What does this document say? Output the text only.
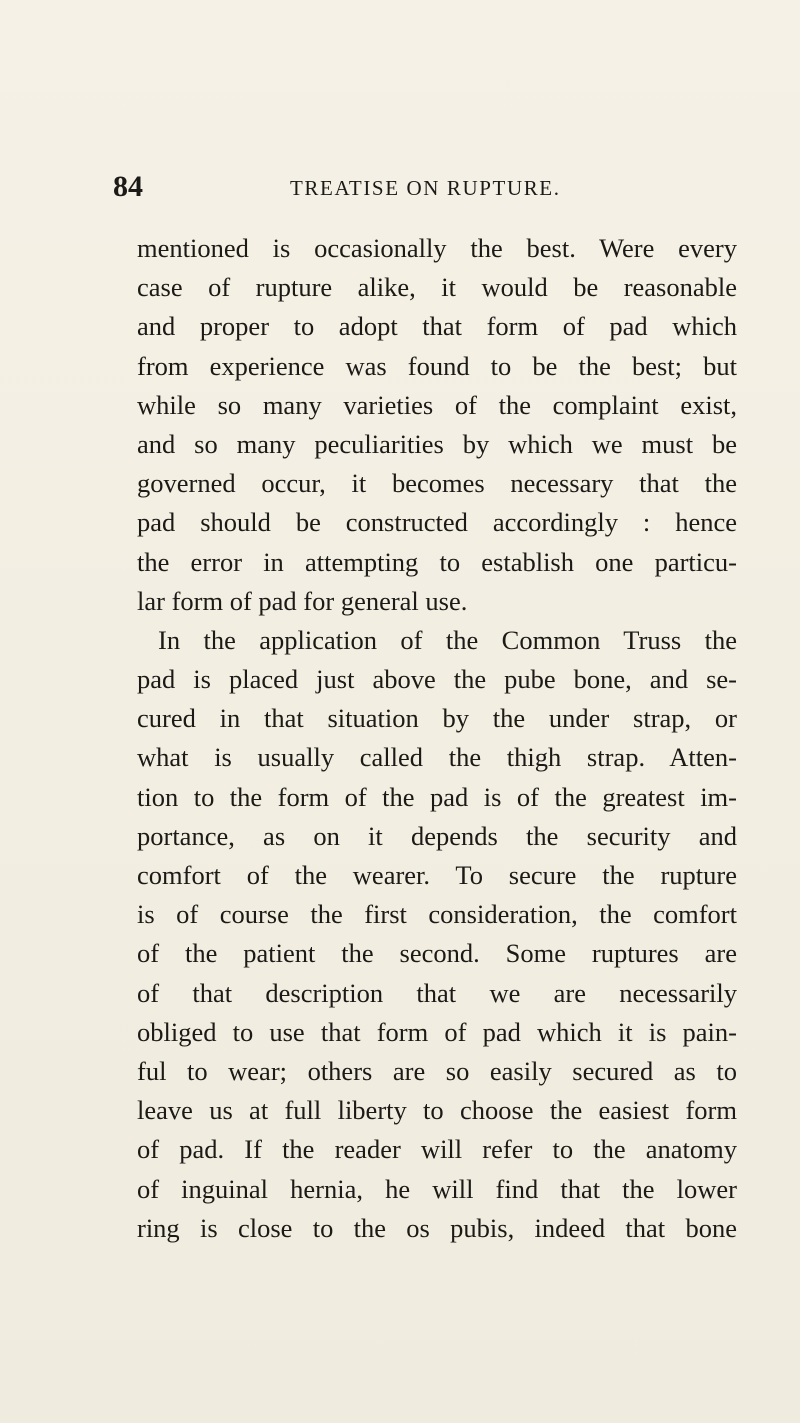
84	TREATISE ON RUPTURE.
mentioned is occasionally the best. Were every
case of rupture alike, it would be reasonable
and proper to adopt that form of pad which
from experience was found to be the best; but
while so many varieties of the complaint exist,
and so many peculiarities by which we must be
governed occur, it becomes necessary that the
pad should be constructed accordingly : hence
the error in attempting to establish one particu-
lar form of pad for general use.
In the application of the Common Truss the
pad is placed just above the pube bone, and se-
cured in that situation by the under strap, or
what is usually called the thigh strap. Atten-
tion to the form of the pad is of the greatest im-
portance, as on it depends the security and
comfort of the wearer. To secure the rupture
is of course the first consideration, the comfort
of the patient the second. Some ruptures are
of that description that we are necessarily
obliged to use that form of pad which it is pain-
ful to wear; others are so easily secured as to
leave us at full liberty to choose the easiest form
of pad. If the reader will refer to the anatomy
of inguinal hernia, he will find that the lower
ring is close to the os pubis, indeed that bone
